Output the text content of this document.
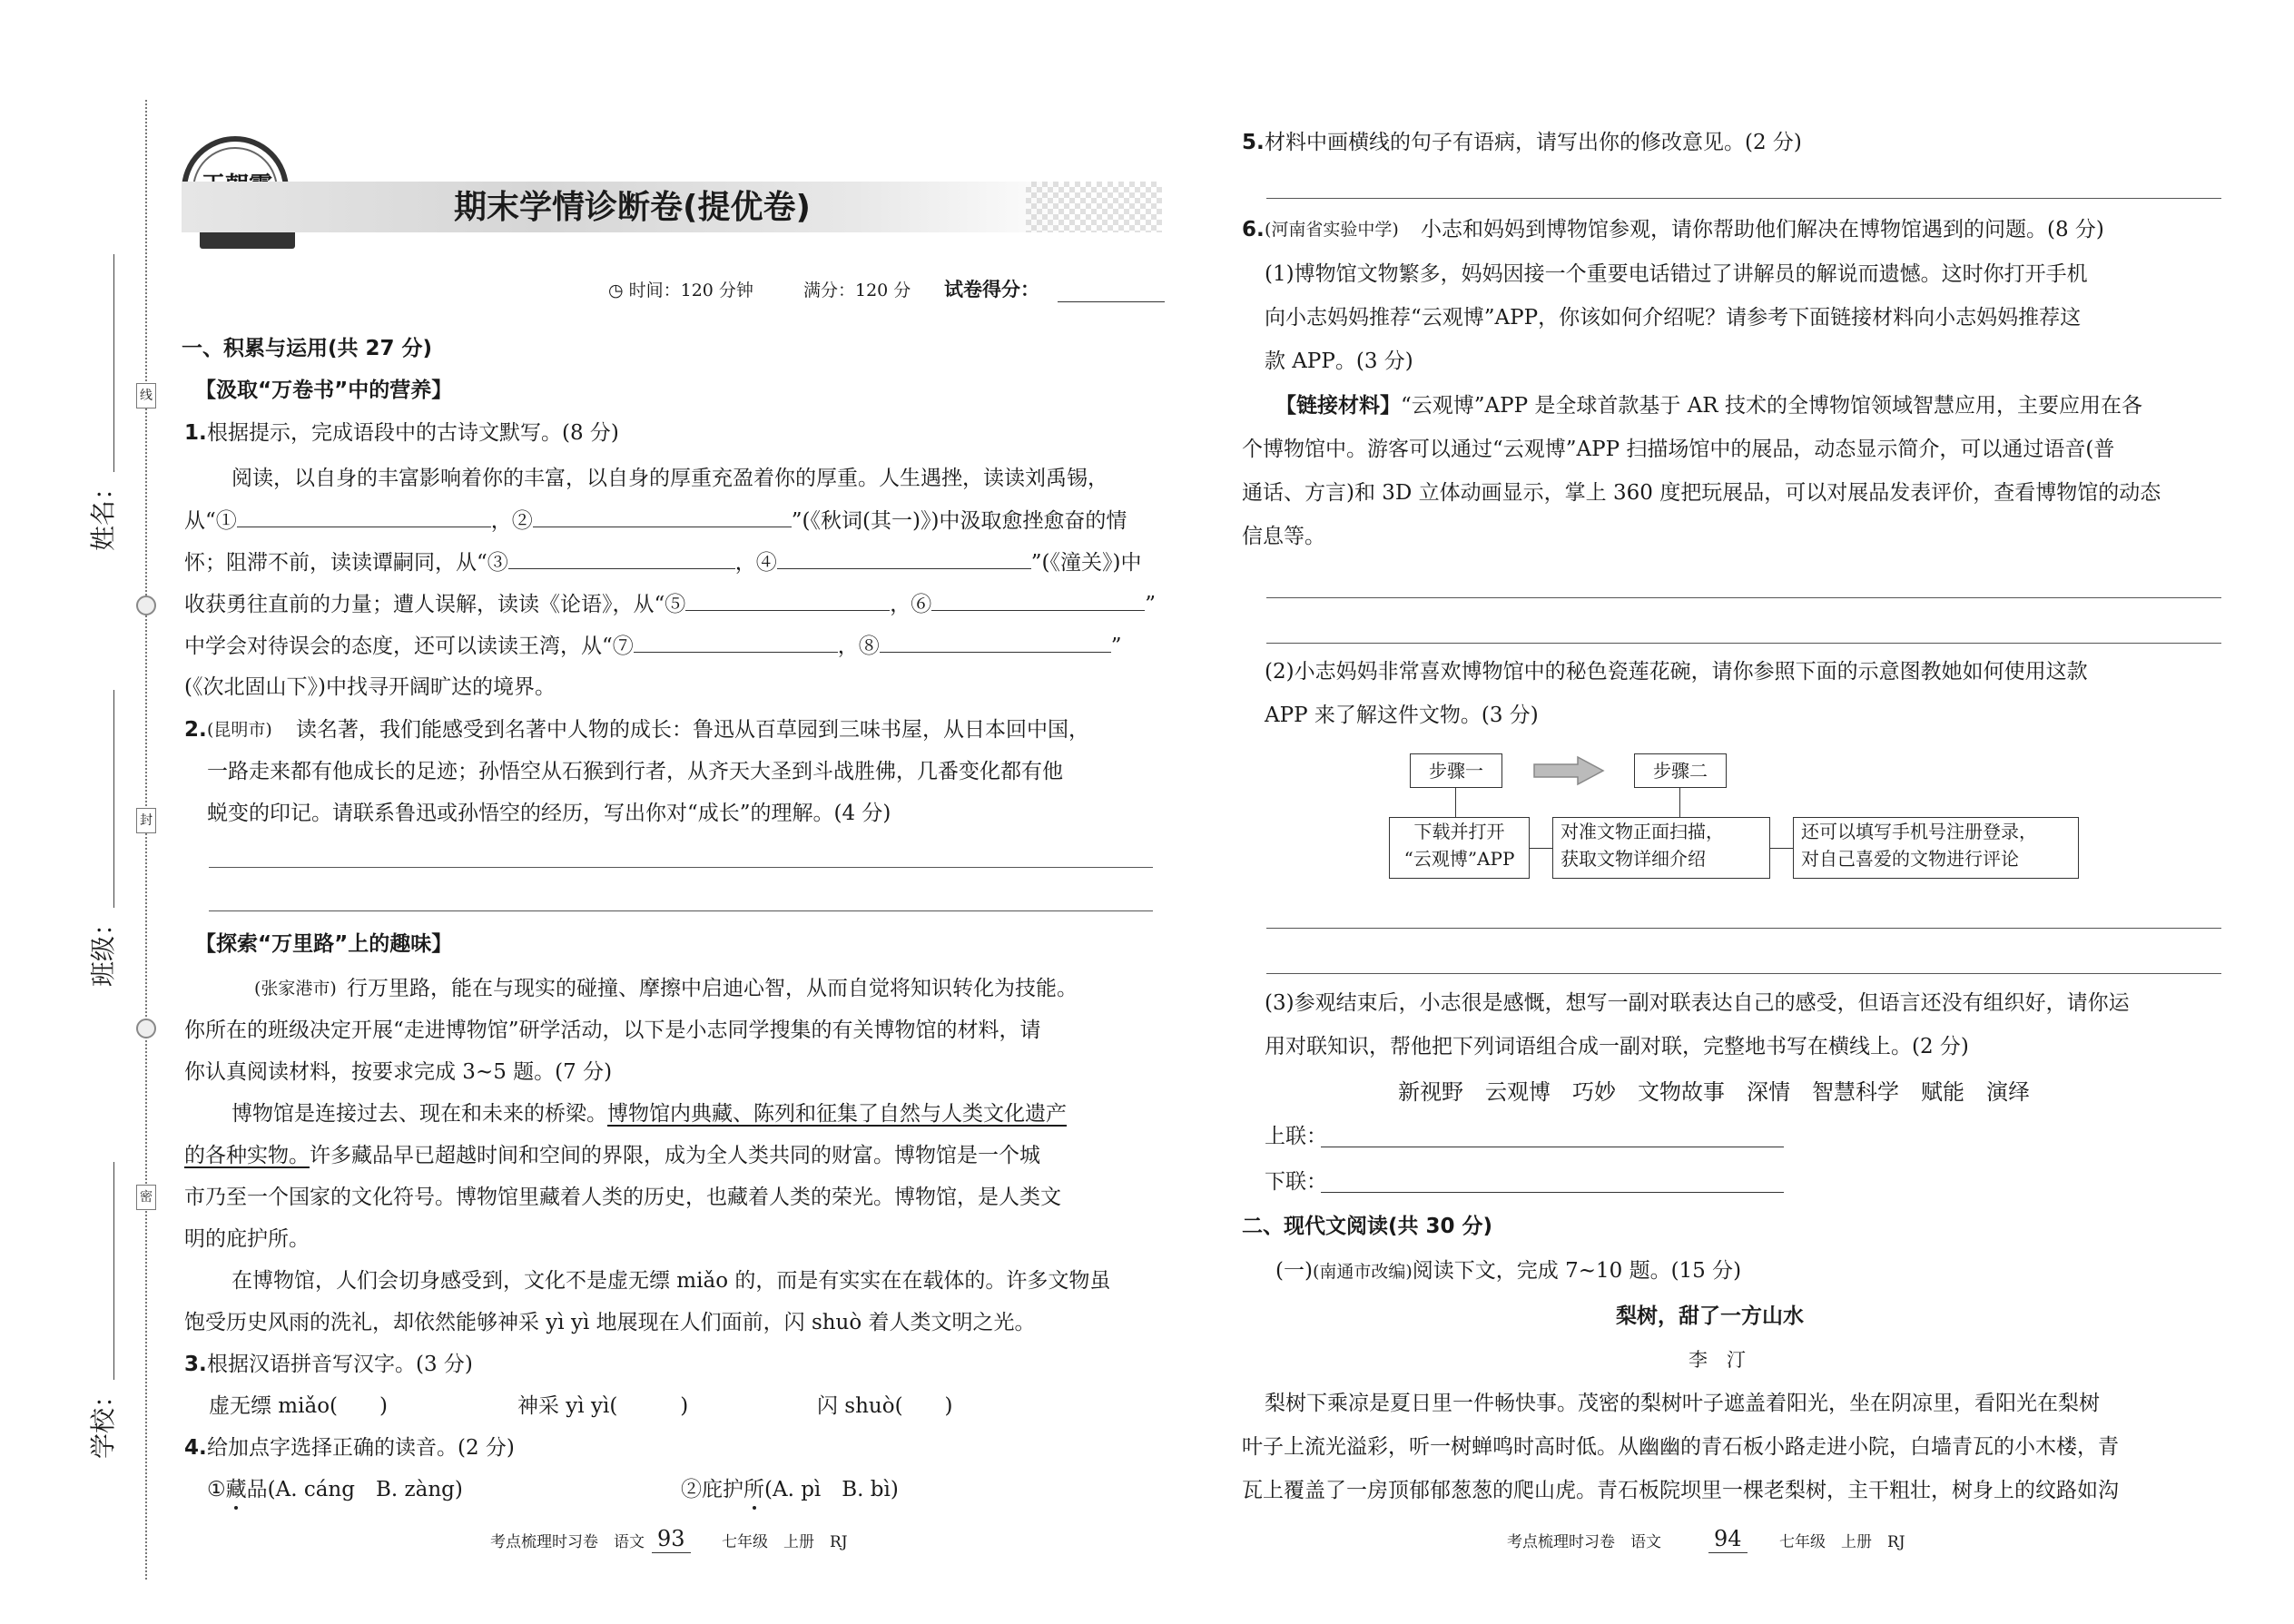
姓名：
班级：
学校：
线
封
密
期末学情诊断卷(提优卷)
◷ 时间：120 分钟	满分：120 分 试卷得分：
一、积累与运用(共 27 分)
【汲取“万卷书”中的营养】
1. 根据提示，完成语段中的古诗文默写。(8 分)
阅读，以自身的丰富影响着你的丰富，以自身的厚重充盈着你的厚重。人生遇挫，读读刘禹锡，
从“①	，②	”(《秋词(其一)》)中汲取愈挫愈奋的情
怀；阻滞不前，读读谭嗣同，从“③	，④	”(《潼关》)中
收获勇往直前的力量；遭人误解，读读《论语》，从“⑤	，⑥	”
中学会对待误会的态度，还可以读读王湾，从“⑦	，⑧	”
(《次北固山下》)中找寻开阔旷达的境界。
2. (昆明市) 读名著，我们能感受到名著中人物的成长：鲁迅从百草园到三味书屋，从日本回中国，
一路走来都有他成长的足迹；孙悟空从石猴到行者，从齐天大圣到斗战胜佛，几番变化都有他
蜕变的印记。请联系鲁迅或孙悟空的经历，写出你对“成长”的理解。(4 分)
【探索“万里路”上的趣味】
(张家港市) 行万里路，能在与现实的碰撞、摩擦中启迪心智，从而自觉将知识转化为技能。
你所在的班级决定开展“走进博物馆”研学活动，以下是小志同学搜集的有关博物馆的材料，请
你认真阅读材料，按要求完成 3~5 题。(7 分)
博物馆是连接过去、现在和未来的桥梁。博物馆内典藏、陈列和征集了自然与人类文化遗产
的各种实物。许多藏品早已超越时间和空间的界限，成为全人类共同的财富。博物馆是一个城
市乃至一个国家的文化符号。博物馆里藏着人类的历史，也藏着人类的荣光。博物馆，是人类文
明的庇护所。
在博物馆，人们会切身感受到，文化不是虚无缥 miǎo 的，而是有实实在在载体的。许多文物虽
饱受历史风雨的洗礼，却依然能够神采 yì yì 地展现在人们面前，闪 shuò 着人类文明之光。
3. 根据汉语拼音写汉字。(3 分)
虚无缥 miǎo(　　)	神采 yì yì(　　　)	闪 shuò(　　)
4. 给加点字选择正确的读音。(2 分)
①藏品(A. cáng　B. zàng)	②庇护所(A. pì　B. bì)
考点梳理时习卷　语文 93	七年级　上册　RJ
5. 材料中画横线的句子有语病，请写出你的修改意见。(2 分)
6. (河南省实验中学) 小志和妈妈到博物馆参观，请你帮助他们解决在博物馆遇到的问题。(8 分)
(1)博物馆文物繁多，妈妈因接一个重要电话错过了讲解员的解说而遗憾。这时你打开手机
向小志妈妈推荐“云观博”APP，你该如何介绍呢？请参考下面链接材料向小志妈妈推荐这
款 APP。(3 分)
【链接材料】“云观博”APP 是全球首款基于 AR 技术的全博物馆领域智慧应用，主要应用在各
个博物馆中。游客可以通过“云观博”APP 扫描场馆中的展品，动态显示简介，可以通过语音(普
通话、方言)和 3D 立体动画显示，掌上 360 度把玩展品，可以对展品发表评价，查看博物馆的动态
信息等。
(2)小志妈妈非常喜欢博物馆中的秘色瓷莲花碗，请你参照下面的示意图教她如何使用这款
APP 来了解这件文物。(3 分)
步骤一	步骤二
下载并打开
“云观博”APP
对准文物正面扫描，
获取文物详细介绍
还可以填写手机号注册登录，
对自己喜爱的文物进行评论
(3)参观结束后，小志很是感慨，想写一副对联表达自己的感受，但语言还没有组织好，请你运
用对联知识，帮他把下列词语组合成一副对联，完整地书写在横线上。(2 分)
新视野　云观博　巧妙　文物故事　深情　智慧科学　赋能　演绎
上联：
下联：
二、现代文阅读(共 30 分)
(一)(南通市改编)阅读下文，完成 7~10 题。(15 分)
梨树，甜了一方山水
李　汀
梨树下乘凉是夏日里一件畅快事。茂密的梨树叶子遮盖着阳光，坐在阴凉里，看阳光在梨树
叶子上流光溢彩，听一树蝉鸣时高时低。从幽幽的青石板小路走进小院，白墙青瓦的小木楼，青
瓦上覆盖了一房顶郁郁葱葱的爬山虎。青石板院坝里一棵老梨树，主干粗壮，树身上的纹路如沟
考点梳理时习卷　语文 94	七年级　上册　RJ
